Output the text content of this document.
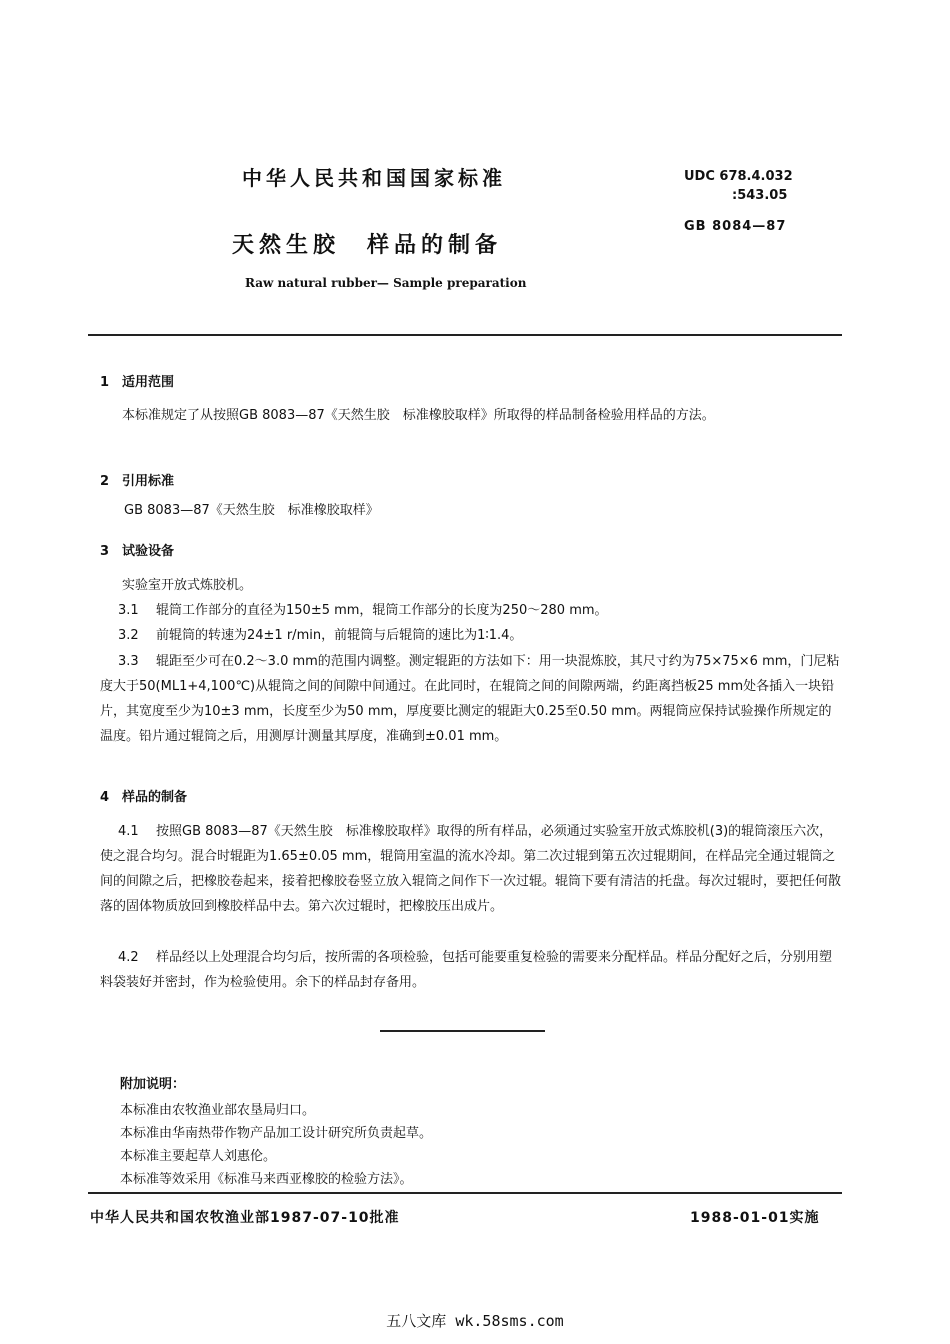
中华人民共和国国家标准	UDC 678.4.032
:543.05
GB 8084—87
天然生胶　样品的制备
Raw natural rubber— Sample preparation
1 适用范围
本标准规定了从按照GB 8083—87《天然生胶　标准橡胶取样》所取得的样品制备检验用样品的方法。
2 引用标准
GB 8083—87《天然生胶　标准橡胶取样》
3 试验设备
实验室开放式炼胶机。
3.1 辊筒工作部分的直径为150±5 mm，辊筒工作部分的长度为250～280 mm。
3.2 前辊筒的转速为24±1 r/min，前辊筒与后辊筒的速比为1∶1.4。
3.3 辊距至少可在0.2～3.0 mm的范围内调整。测定辊距的方法如下：用一块混炼胶，其尺寸约为75×75×6 mm，门尼粘度大于50(ML1+4,100℃)从辊筒之间的间隙中间通过。在此同时，在辊筒之间的间隙两端，约距离挡板25 mm处各插入一块铅片，其宽度至少为10±3 mm，长度至少为50 mm，厚度要比测定的辊距大0.25至0.50 mm。两辊筒应保持试验操作所规定的温度。铅片通过辊筒之后，用测厚计测量其厚度，准确到±0.01 mm。
4 样品的制备
4.1 按照GB 8083—87《天然生胶　标准橡胶取样》取得的所有样品，必须通过实验室开放式炼胶机(3)的辊筒滚压六次，使之混合均匀。混合时辊距为1.65±0.05 mm，辊筒用室温的流水冷却。第二次过辊到第五次过辊期间，在样品完全通过辊筒之间的间隙之后，把橡胶卷起来，接着把橡胶卷竖立放入辊筒之间作下一次过辊。辊筒下要有清洁的托盘。每次过辊时，要把任何散落的固体物质放回到橡胶样品中去。第六次过辊时，把橡胶压出成片。
4.2 样品经以上处理混合均匀后，按所需的各项检验，包括可能要重复检验的需要来分配样品。样品分配好之后，分别用塑料袋装好并密封，作为检验使用。余下的样品封存备用。
附加说明：
本标准由农牧渔业部农垦局归口。
本标准由华南热带作物产品加工设计研究所负责起草。
本标准主要起草人刘惠伦。
本标准等效采用《标准马来西亚橡胶的检验方法》。
中华人民共和国农牧渔业部1987-07-10批准	1988-01-01实施
五八文库 wk.58sms.com
